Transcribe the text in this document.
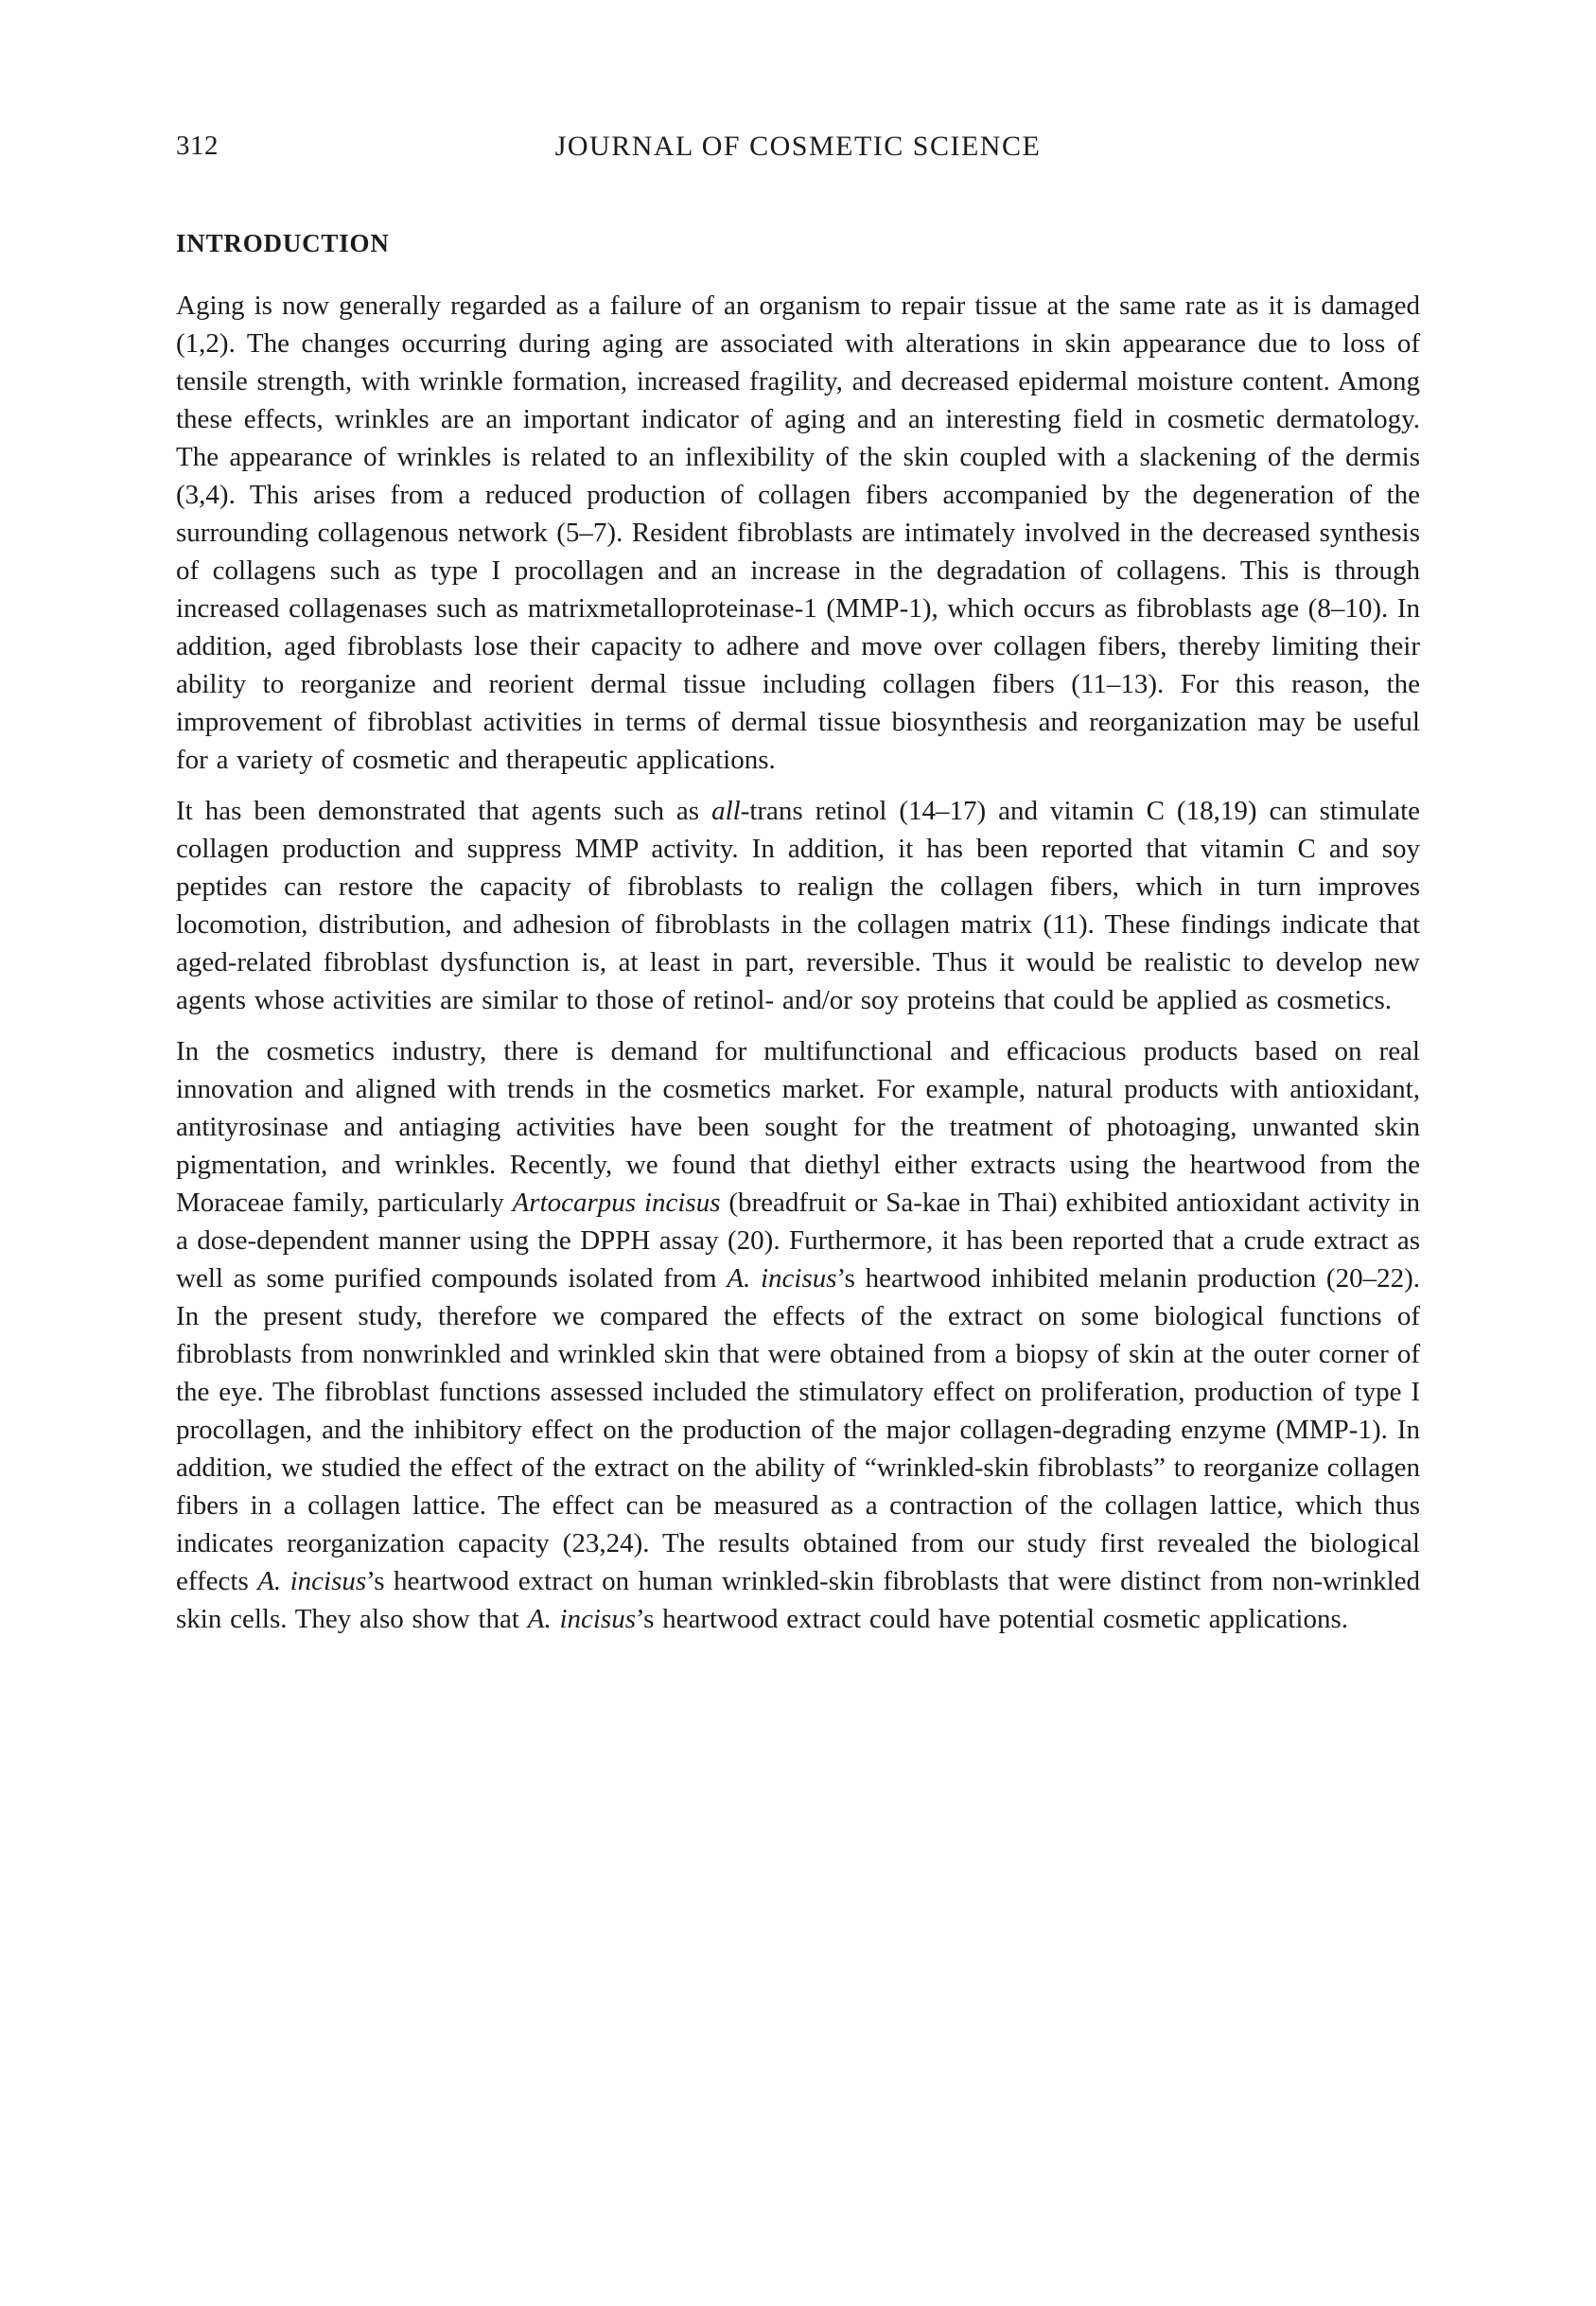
312	JOURNAL OF COSMETIC SCIENCE
INTRODUCTION

Aging is now generally regarded as a failure of an organism to repair tissue at the same rate as it is damaged (1,2). The changes occurring during aging are associated with alterations in skin appearance due to loss of tensile strength, with wrinkle formation, increased fragility, and decreased epidermal moisture content. Among these effects, wrinkles are an important indicator of aging and an interesting field in cosmetic dermatology. The appearance of wrinkles is related to an inflexibility of the skin coupled with a slackening of the dermis (3,4). This arises from a reduced production of collagen fibers accompanied by the degeneration of the surrounding collagenous network (5–7). Resident fibroblasts are intimately involved in the decreased synthesis of collagens such as type I procollagen and an increase in the degradation of collagens. This is through increased collagenases such as matrixmetalloproteinase-1 (MMP-1), which occurs as fibroblasts age (8–10). In addition, aged fibroblasts lose their capacity to adhere and move over collagen fibers, thereby limiting their ability to reorganize and reorient dermal tissue including collagen fibers (11–13). For this reason, the improvement of fibroblast activities in terms of dermal tissue biosynthesis and reorganization may be useful for a variety of cosmetic and therapeutic applications.

It has been demonstrated that agents such as all-trans retinol (14–17) and vitamin C (18,19) can stimulate collagen production and suppress MMP activity. In addition, it has been reported that vitamin C and soy peptides can restore the capacity of fibroblasts to realign the collagen fibers, which in turn improves locomotion, distribution, and adhesion of fibroblasts in the collagen matrix (11). These findings indicate that aged-related fibroblast dysfunction is, at least in part, reversible. Thus it would be realistic to develop new agents whose activities are similar to those of retinol- and/or soy proteins that could be applied as cosmetics.

In the cosmetics industry, there is demand for multifunctional and efficacious products based on real innovation and aligned with trends in the cosmetics market. For example, natural products with antioxidant, antityrosinase and antiaging activities have been sought for the treatment of photoaging, unwanted skin pigmentation, and wrinkles. Recently, we found that diethyl either extracts using the heartwood from the Moraceae family, particularly Artocarpus incisus (breadfruit or Sa-kae in Thai) exhibited antioxidant activity in a dose-dependent manner using the DPPH assay (20). Furthermore, it has been reported that a crude extract as well as some purified compounds isolated from A. incisus’s heartwood inhibited melanin production (20–22). In the present study, therefore we compared the effects of the extract on some biological functions of fibroblasts from nonwrinkled and wrinkled skin that were obtained from a biopsy of skin at the outer corner of the eye. The fibroblast functions assessed included the stimulatory effect on proliferation, production of type I procollagen, and the inhibitory effect on the production of the major collagen-degrading enzyme (MMP-1). In addition, we studied the effect of the extract on the ability of “wrinkled-skin fibroblasts” to reorganize collagen fibers in a collagen lattice. The effect can be measured as a contraction of the collagen lattice, which thus indicates reorganization capacity (23,24). The results obtained from our study first revealed the biological effects A. incisus’s heartwood extract on human wrinkled-skin fibroblasts that were distinct from non-wrinkled skin cells. They also show that A. incisus’s heartwood extract could have potential cosmetic applications.
